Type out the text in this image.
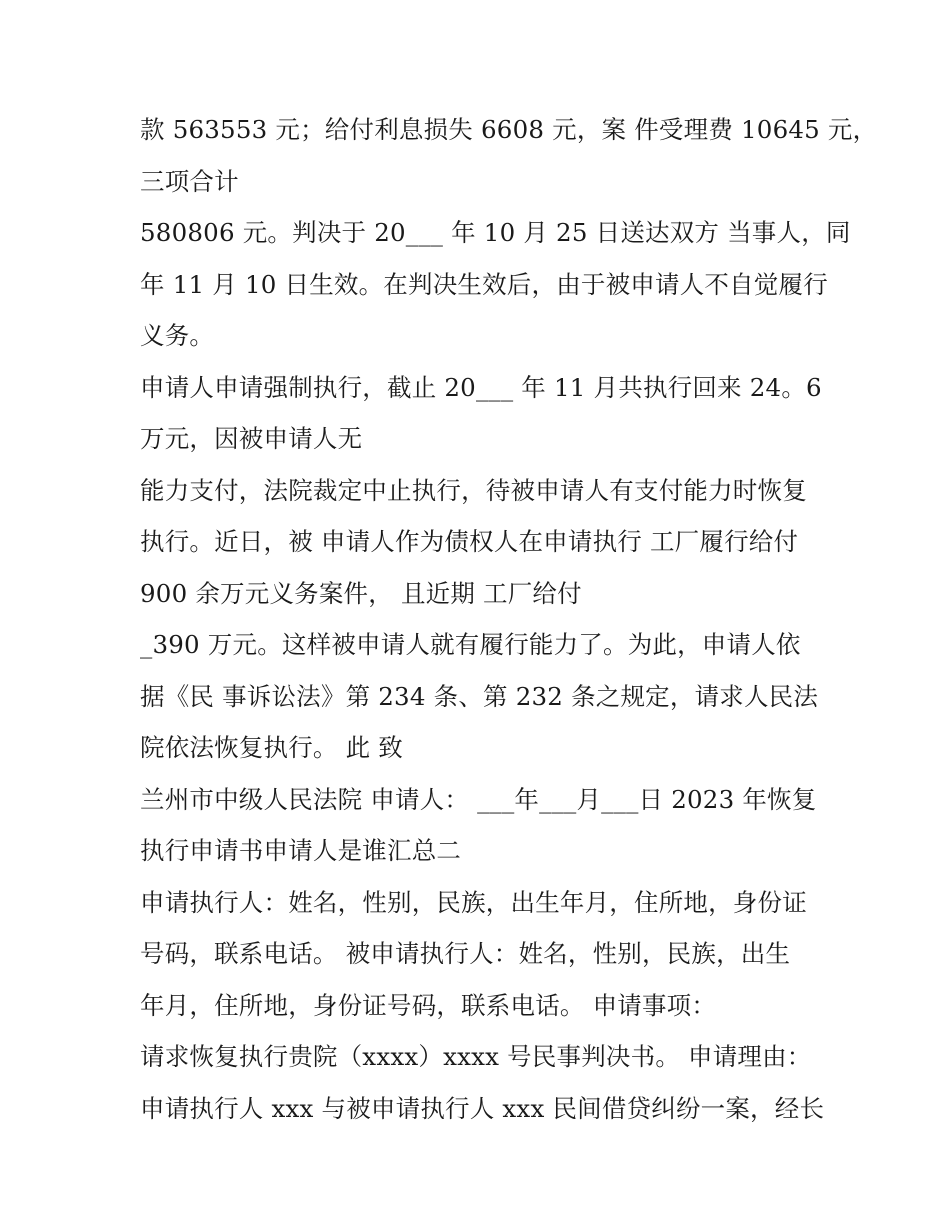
款 563553 元；给付利息损失 6608 元，案 件受理费 10645 元，
三项合计
580806 元。判决于 20___ 年 10 月 25 日送达双方 当事人，同
年 11 月 10 日生效。在判决生效后，由于被申请人不自觉履行
义务。
申请人申请强制执行，截止 20___ 年 11 月共执行回来 24。6
万元，因被申请人无
能力支付，法院裁定中止执行，待被申请人有支付能力时恢复
执行。近日，被 申请人作为债权人在申请执行 工厂履行给付
900 余万元义务案件， 且近期 工厂给付
_390 万元。这样被申请人就有履行能力了。为此，申请人依
据《民 事诉讼法》第 234 条、第 232 条之规定，请求人民法
院依法恢复执行。 此 致
兰州市中级人民法院 申请人： ___年___月___日 2023 年恢复
执行申请书申请人是谁汇总二
申请执行人：姓名，性别，民族，出生年月，住所地，身份证
号码，联系电话。 被申请执行人：姓名，性别，民族，出生
年月，住所地，身份证号码，联系电话。 申请事项：
请求恢复执行贵院（xxxx）xxxx 号民事判决书。 申请理由：
申请执行人 xxx 与被申请执行人 xxx 民间借贷纠纷一案，经长
